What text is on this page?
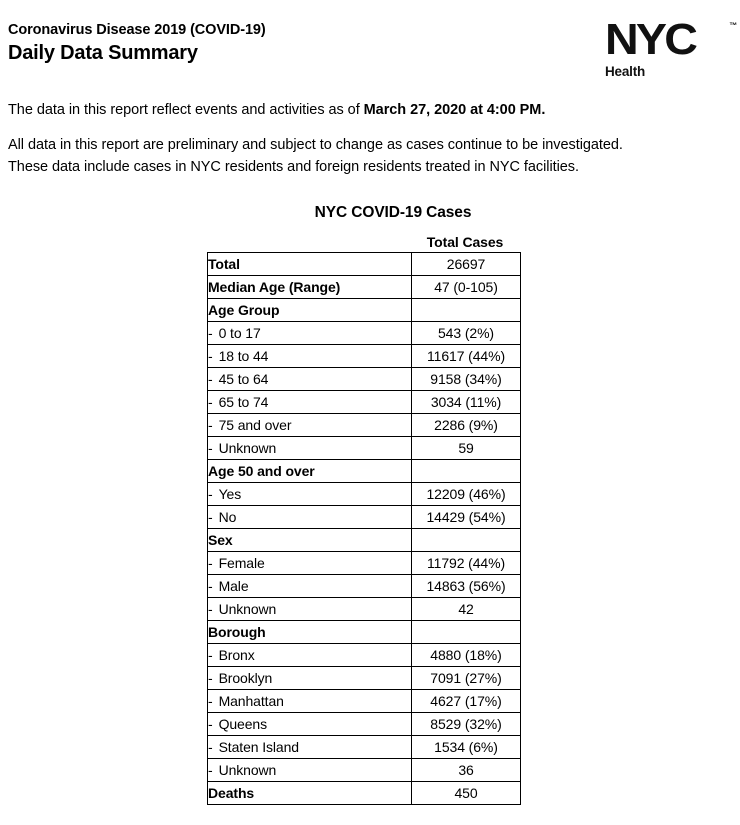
Coronavirus Disease 2019 (COVID-19)
Daily Data Summary	NYC	™
Health

The data in this report reflect events and activities as of March 27, 2020 at 4:00 PM.

All data in this report are preliminary and subject to change as cases continue to be investigated.
These data include cases in NYC residents and foreign residents treated in NYC facilities.

NYC COVID-19 Cases
Total Cases
Total	26697
Median Age (Range)	47 (0-105)
Age Group	
- 0 to 17	543 (2%)
- 18 to 44	11617 (44%)
- 45 to 64	9158 (34%)
- 65 to 74	3034 (11%)
- 75 and over	2286 (9%)
- Unknown	59
Age 50 and over	
- Yes	12209 (46%)
- No	14429 (54%)
Sex	
- Female	11792 (44%)
- Male	14863 (56%)
- Unknown	42
Borough	
- Bronx	4880 (18%)
- Brooklyn	7091 (27%)
- Manhattan	4627 (17%)
- Queens	8529 (32%)
- Staten Island	1534 (6%)
- Unknown	36
Deaths	450
